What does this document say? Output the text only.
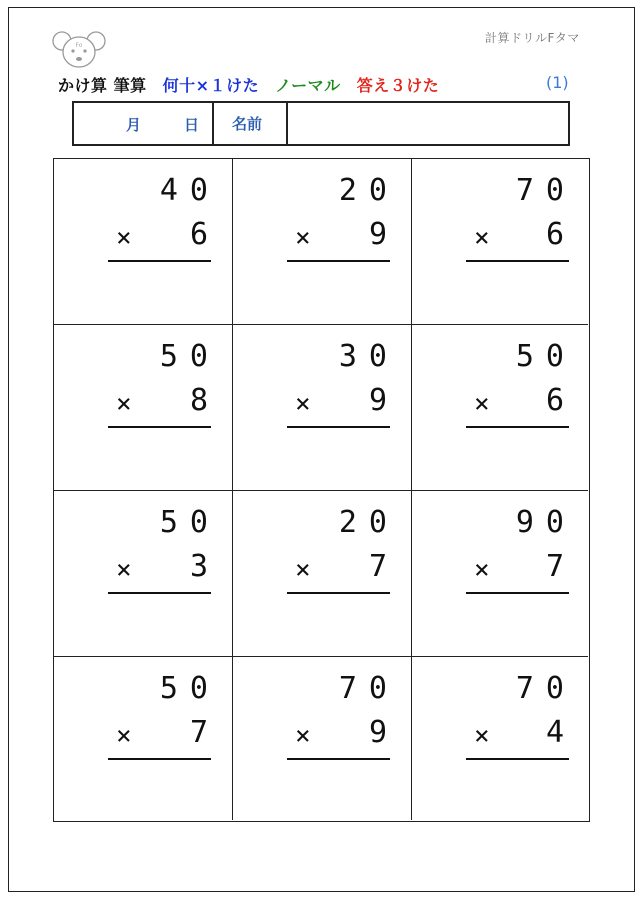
Fo
計算ドリルFタマ
かけ算 筆算 何十×１けた ノーマル 答え３けた	(1)
月	日	名前
40
× 6
20
× 9
70
× 6
50
× 8
30
× 9
50
× 6
50
× 3
20
× 7
90
× 7
50
× 7
70
× 9
70
× 4
